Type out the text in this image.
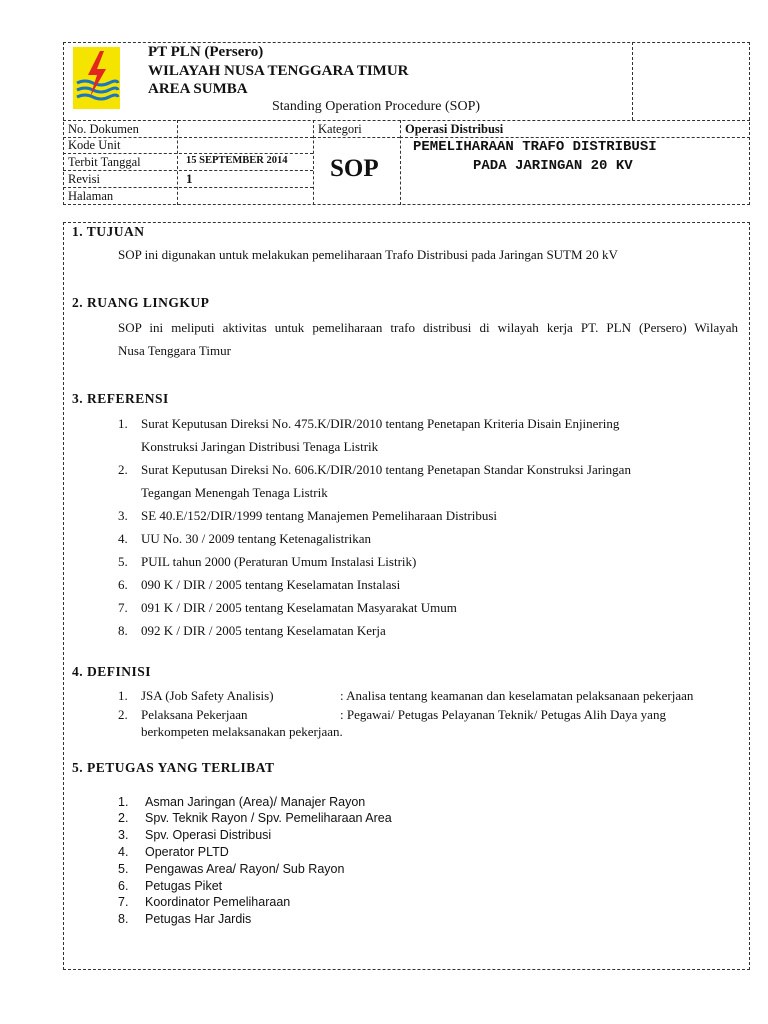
PT PLN (Persero)
WILAYAH NUSA TENGGARA TIMUR
AREA SUMBA
Standing Operation Procedure (SOP)
No. Dokumen
Kode Unit
Terbit Tanggal	15 SEPTEMBER 2014
Revisi	1
Halaman
Kategori	Operasi Distribusi
SOP
PEMELIHARAAN TRAFO DISTRIBUSI
PADA JARINGAN 20 KV
1. TUJUAN
SOP ini digunakan untuk melakukan pemeliharaan Trafo Distribusi pada Jaringan SUTM 20 kV
2. RUANG LINGKUP
SOP ini meliputi aktivitas untuk pemeliharaan trafo distribusi di wilayah kerja PT. PLN (Persero) Wilayah
Nusa Tenggara Timur
3. REFERENSI
1. Surat Keputusan Direksi No. 475.K/DIR/2010 tentang Penetapan Kriteria Disain Enjinering
Konstruksi Jaringan Distribusi Tenaga Listrik
2. Surat Keputusan Direksi No. 606.K/DIR/2010 tentang Penetapan Standar Konstruksi Jaringan
Tegangan Menengah Tenaga Listrik
3. SE 40.E/152/DIR/1999 tentang Manajemen Pemeliharaan Distribusi
4. UU No. 30 / 2009 tentang Ketenagalistrikan
5. PUIL tahun 2000 (Peraturan Umum Instalasi Listrik)
6. 090 K / DIR / 2005 tentang Keselamatan Instalasi
7. 091 K / DIR / 2005 tentang Keselamatan Masyarakat Umum
8. 092 K / DIR / 2005 tentang Keselamatan Kerja
4. DEFINISI
1. JSA (Job Safety Analisis)	: Analisa tentang keamanan dan keselamatan pelaksanaan pekerjaan
2. Pelaksana Pekerjaan	: Pegawai/ Petugas Pelayanan Teknik/ Petugas Alih Daya yang
berkompeten melaksanakan pekerjaan.
5. PETUGAS YANG TERLIBAT
1. Asman Jaringan (Area)/ Manajer Rayon
2. Spv. Teknik Rayon / Spv. Pemeliharaan Area
3. Spv. Operasi Distribusi
4. Operator PLTD
5. Pengawas Area/ Rayon/ Sub Rayon
6. Petugas Piket
7. Koordinator Pemeliharaan
8. Petugas Har Jardis
